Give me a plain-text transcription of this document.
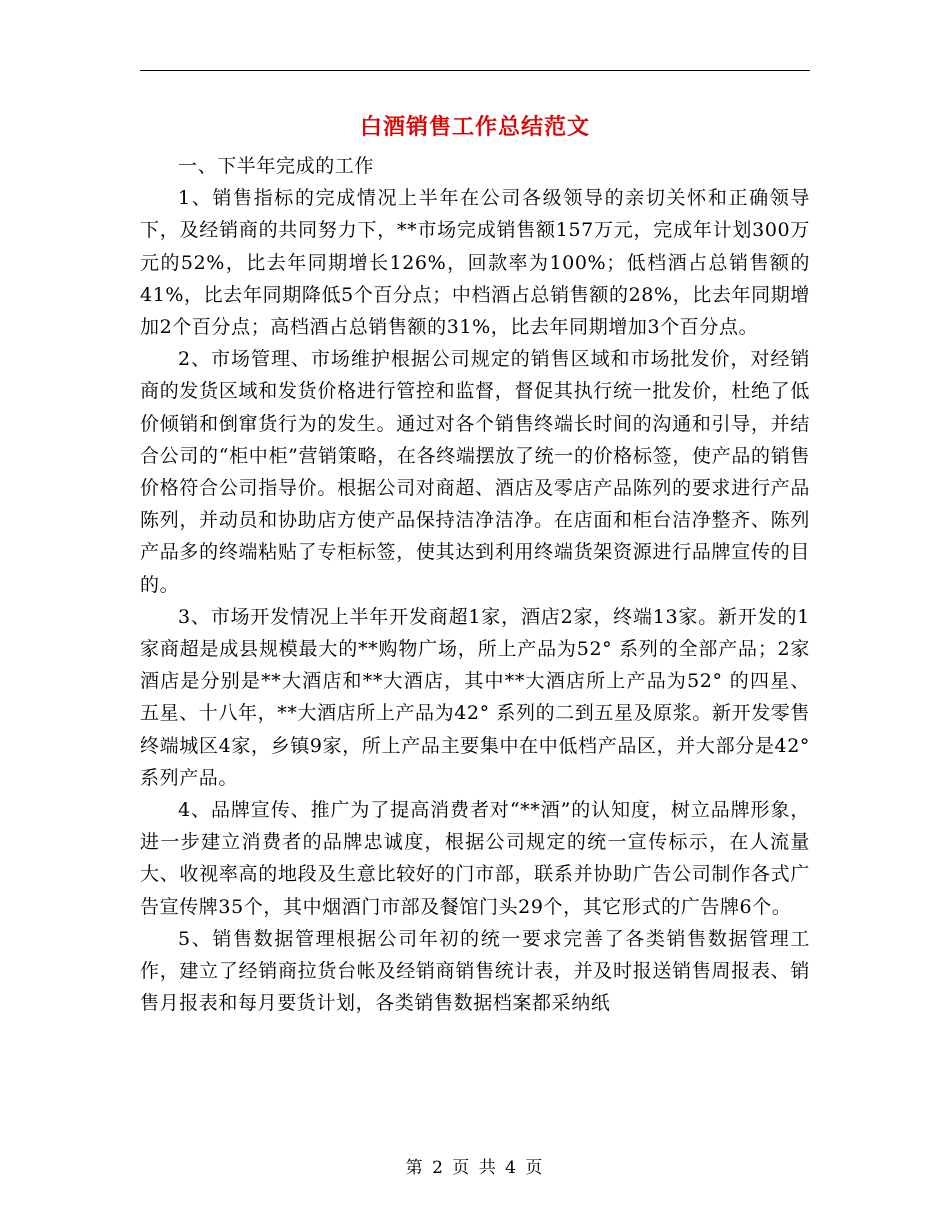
白酒销售工作总结范文

一、下半年完成的工作

1、销售指标的完成情况上半年在公司各级领导的亲切关怀和正确领导下，及经销商的共同努力下，**市场完成销售额157万元，完成年计划300万元的52%，比去年同期增长126%，回款率为100%；低档酒占总销售额的41%，比去年同期降低5个百分点；中档酒占总销售额的28%，比去年同期增加2个百分点；高档酒占总销售额的31%，比去年同期增加3个百分点。

2、市场管理、市场维护根据公司规定的销售区域和市场批发价，对经销商的发货区域和发货价格进行管控和监督，督促其执行统一批发价，杜绝了低价倾销和倒窜货行为的发生。通过对各个销售终端长时间的沟通和引导，并结合公司的“柜中柜”营销策略，在各终端摆放了统一的价格标签，使产品的销售价格符合公司指导价。根据公司对商超、酒店及零店产品陈列的要求进行产品陈列，并动员和协助店方使产品保持洁净洁净。在店面和柜台洁净整齐、陈列产品多的终端粘贴了专柜标签，使其达到利用终端货架资源进行品牌宣传的目的。

3、市场开发情况上半年开发商超1家，酒店2家，终端13家。新开发的1家商超是成县规模最大的**购物广场，所上产品为52° 系列的全部产品；2家酒店是分别是**大酒店和**大酒店，其中**大酒店所上产品为52° 的四星、五星、十八年，**大酒店所上产品为42° 系列的二到五星及原浆。新开发零售终端城区4家，乡镇9家，所上产品主要集中在中低档产品区，并大部分是42° 系列产品。

4、品牌宣传、推广为了提高消费者对“**酒”的认知度，树立品牌形象，进一步建立消费者的品牌忠诚度，根据公司规定的统一宣传标示，在人流量大、收视率高的地段及生意比较好的门市部，联系并协助广告公司制作各式广告宣传牌35个，其中烟酒门市部及餐馆门头29个，其它形式的广告牌6个。

5、销售数据管理根据公司年初的统一要求完善了各类销售数据管理工作，建立了经销商拉货台帐及经销商销售统计表，并及时报送销售周报表、销售月报表和每月要货计划，各类销售数据档案都采纳纸

第 2 页 共 4 页
